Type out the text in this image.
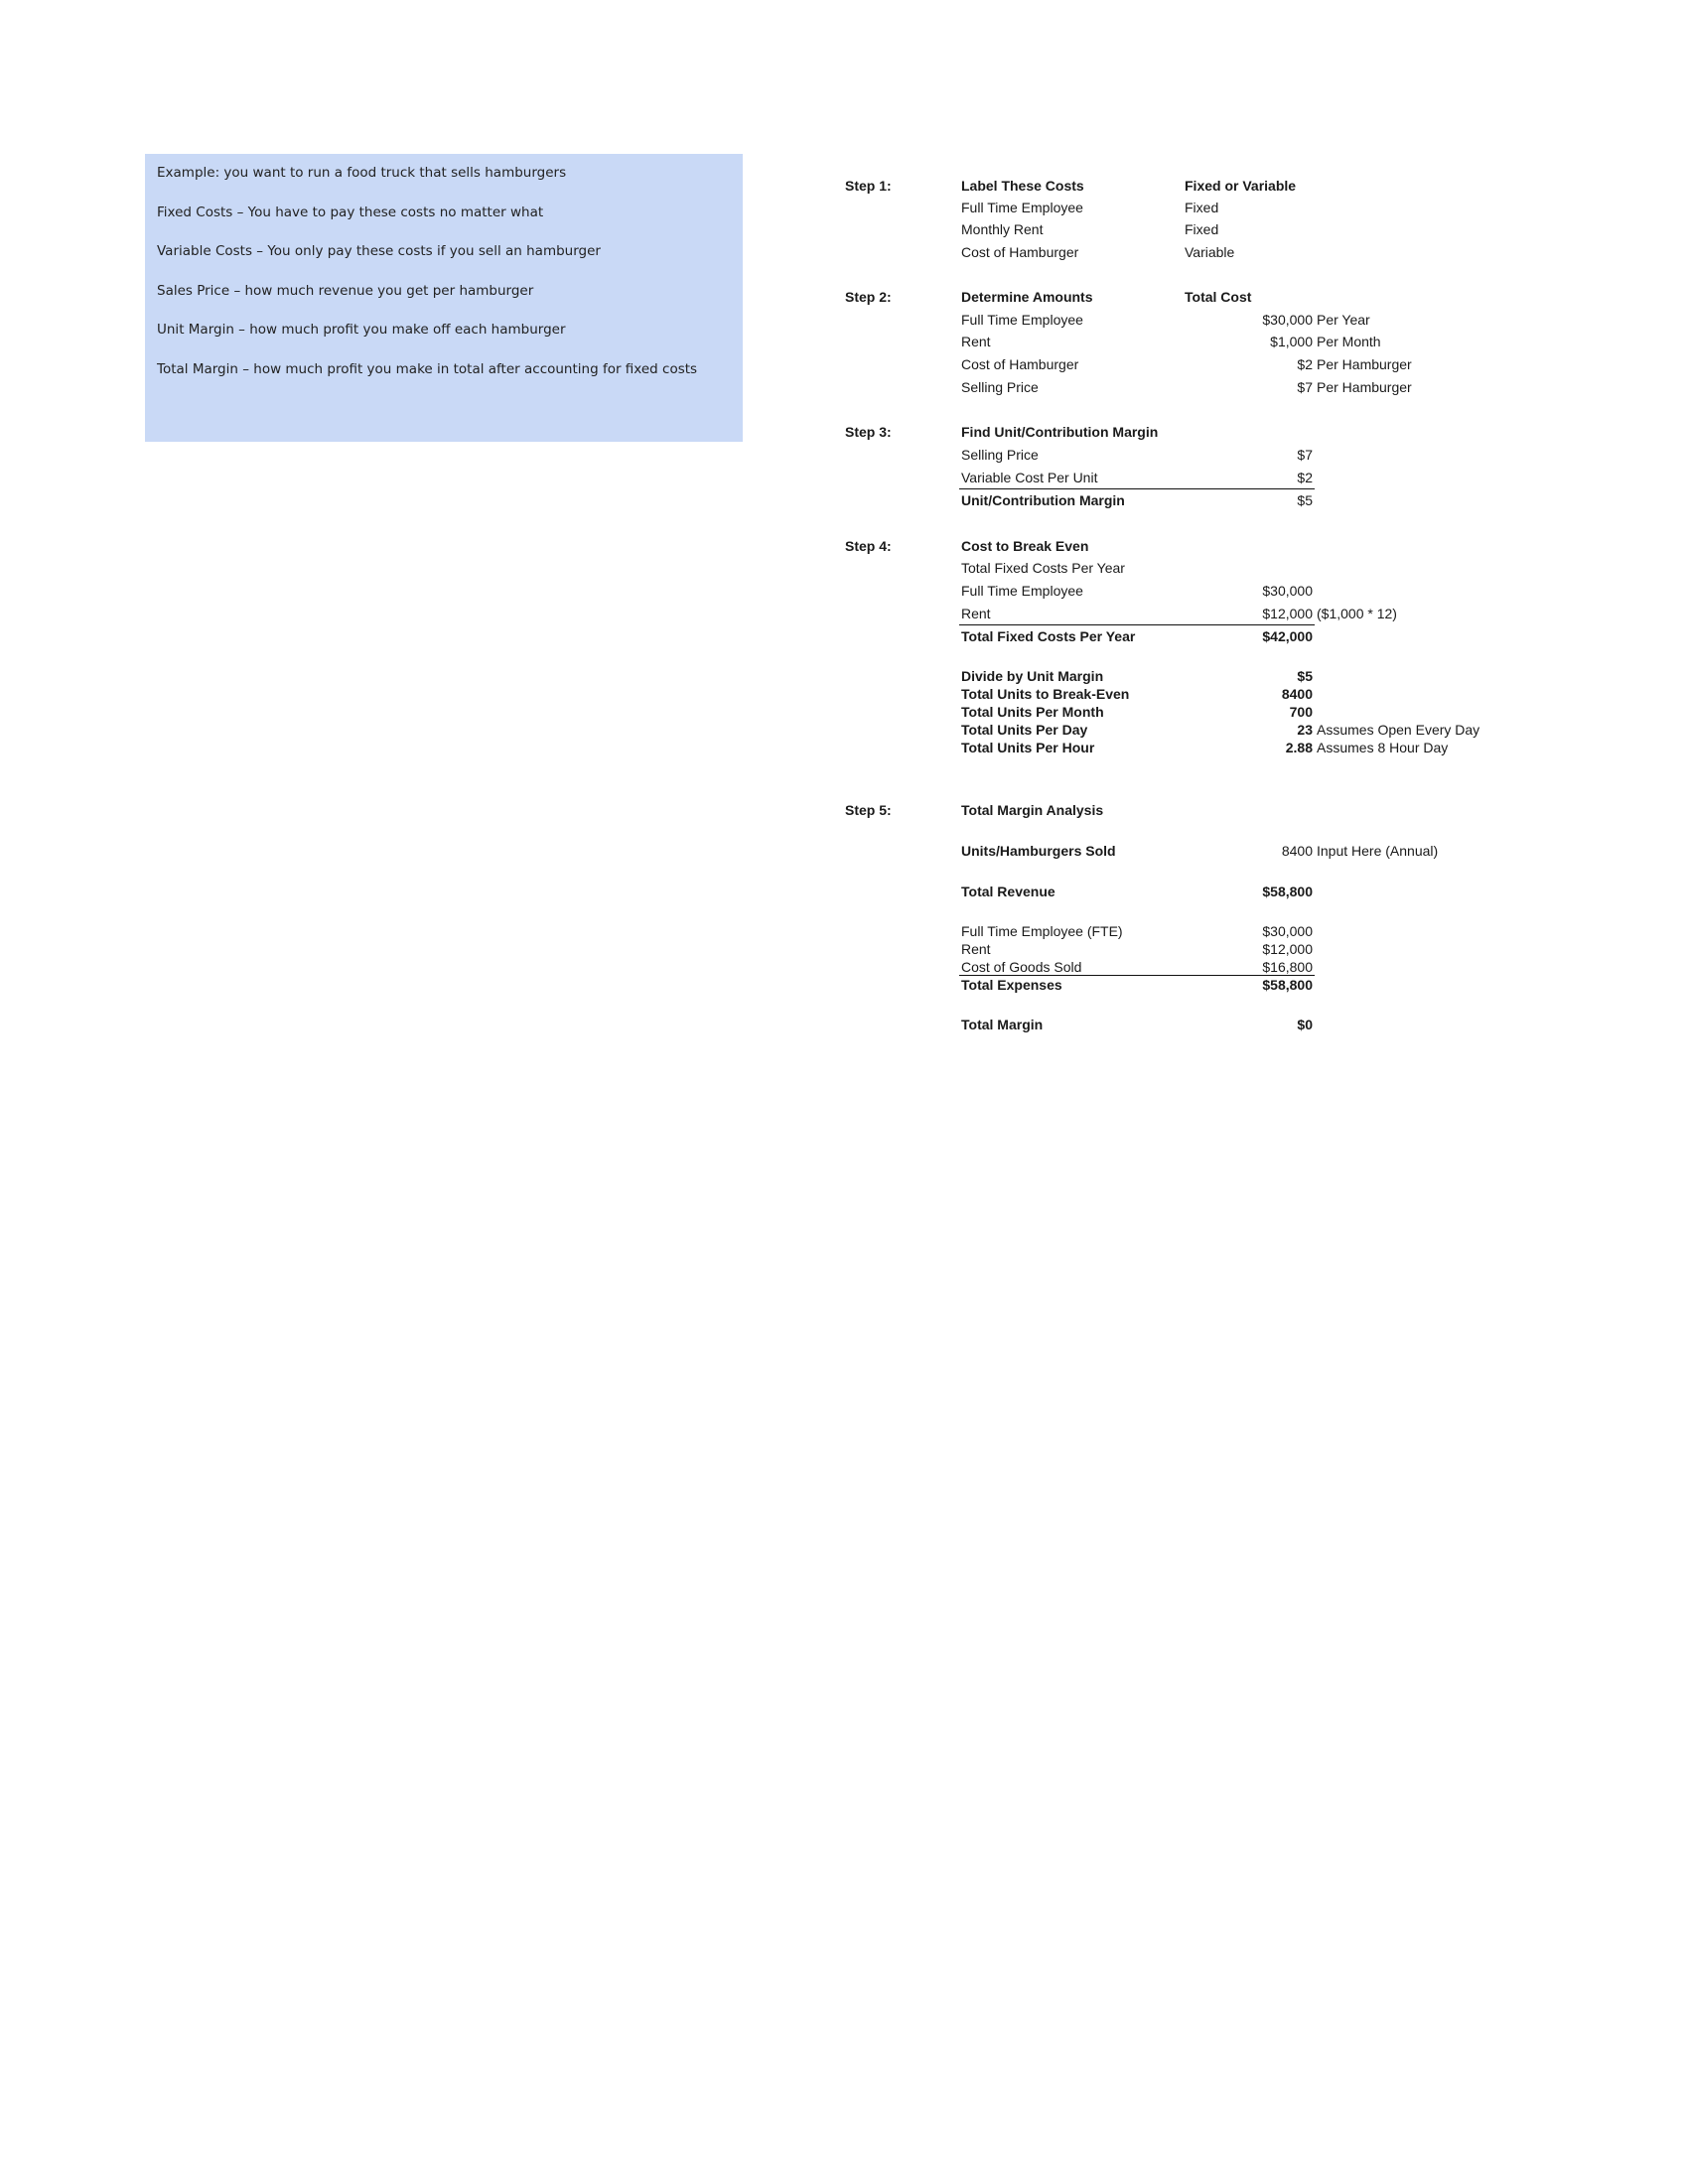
Example: you want to run a food truck that sells hamburgers
Fixed Costs – You have to pay these costs no matter what
Variable Costs – You only pay these costs if you sell an hamburger
Sales Price – how much revenue you get per hamburger
Unit Margin – how much profit you make off each hamburger
Total Margin – how much profit you make in total after accounting for fixed costs
Step 1:	Label These Costs	Fixed or Variable
Full Time Employee	Fixed
Monthly Rent	Fixed
Cost of Hamburger	Variable
Step 2:	Determine Amounts	Total Cost
Full Time Employee	$30,000 Per Year
Rent	$1,000 Per Month
Cost of Hamburger	$2 Per Hamburger
Selling Price	$7 Per Hamburger
Step 3:	Find Unit/Contribution Margin
Selling Price	$7
Variable Cost Per Unit	$2
Unit/Contribution Margin	$5
Step 4:	Cost to Break Even
Total Fixed Costs Per Year
Full Time Employee	$30,000
Rent	$12,000 ($1,000 * 12)
Total Fixed Costs Per Year	$42,000
Divide by Unit Margin	$5
Total Units to Break-Even	8400
Total Units Per Month	700
Total Units Per Day	23 Assumes Open Every Day
Total Units Per Hour	2.88 Assumes 8 Hour Day
Step 5:	Total Margin Analysis
Units/Hamburgers Sold	8400 Input Here (Annual)
Total Revenue	$58,800
Full Time Employee (FTE)	$30,000
Rent	$12,000
Cost of Goods Sold	$16,800
Total Expenses	$58,800
Total Margin	$0
